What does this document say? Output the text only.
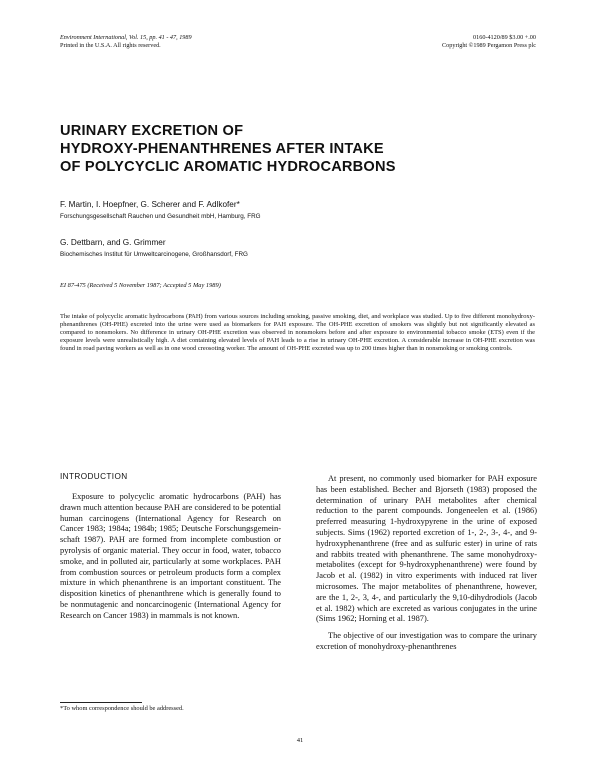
Environment International, Vol. 15, pp. 41 - 47, 1989
Printed in the U.S.A. All rights reserved.
0160-4120/89 $3.00 +.00
Copyright ©1989 Pergamon Press plc
URINARY EXCRETION OF
HYDROXY-PHENANTHRENES AFTER INTAKE
OF POLYCYCLIC AROMATIC HYDROCARBONS
F. Martin, I. Hoepfner, G. Scherer and F. Adlkofer*
Forschungsgesellschaft Rauchen und Gesundheit mbH, Hamburg, FRG
G. Dettbarn, and G. Grimmer
Biochemisches Institut für Umweltcarcinogene, Großhansdorf, FRG
EI 87-475 (Received 5 November 1987; Accepted 5 May 1989)
The intake of polycyclic aromatic hydrocarbons (PAH) from various sources including smoking, passive smoking, diet, and workplace was studied. Up to five different monohydroxy-phenanthrenes (OH-PHE) excreted into the urine were used as biomarkers for PAH exposure. The OH-PHE excretion of smokers was slightly but not significantly elevated as compared to nonsmokers. No difference in urinary OH-PHE excretion was observed in nonsmokers before and after exposure to environmental tobacco smoke (ETS) even if the exposure levels were unrealistically high. A diet containing elevated levels of PAH leads to a rise in urinary OH-PHE excretion. A considerable increase in OH-PHE excretion was found in road paving workers as well as in one wood creosoting worker. The amount of OH-PHE excreted was up to 200 times higher than in nonsmoking or smoking controls.
INTRODUCTION

Exposure to polycyclic aromatic hydrocarbons (PAH) has drawn much attention because PAH are considered to be potential human carcinogens (International Agency for Research on Cancer 1983; 1984a; 1984b; 1985; Deutsche Forschungsgemein-schaft 1987). PAH are formed from incomplete combustion or pyrolysis of organic material. They occur in food, water, tobacco smoke, and in polluted air, particularly at some workplaces. PAH from combustion sources or petroleum products form a complex mixture in which phenanthrene is an important constituent. The disposition kinetics of phenanthrene which is generally found to be nonmutagenic and noncarcinogenic (International Agency for Research on Cancer 1983) in mammals is not known.

At present, no commonly used biomarker for PAH exposure has been established. Becher and Bjorseth (1983) proposed the determination of urinary PAH metabolites after chemical reduction to the parent compounds. Jongeneelen et al. (1986) preferred measuring 1-hydroxypyrene in the urine of exposed subjects. Sims (1962) reported excretion of 1-, 2-, 3-, 4-, and 9-hydroxyphenanthrene (free and as sulfuric ester) in urine of rats and rabbits treated with phenanthrene. The same monohydroxy-metabolites (except for 9-hydroxyphenanthrene) were found by Jacob et al. (1982) in vitro experiments with induced rat liver microsomes. The major metabolites of phenanthrene, however, are the 1, 2-, 3, 4-, and particularly the 9,10-dihydrodiols (Jacob et al. 1982) which are excreted as various conjugates in the urine (Sims 1962; Horning et al. 1987).

The objective of our investigation was to compare the urinary excretion of monohydroxy-phenanthrenes

*To whom correspondence should be addressed.
41
